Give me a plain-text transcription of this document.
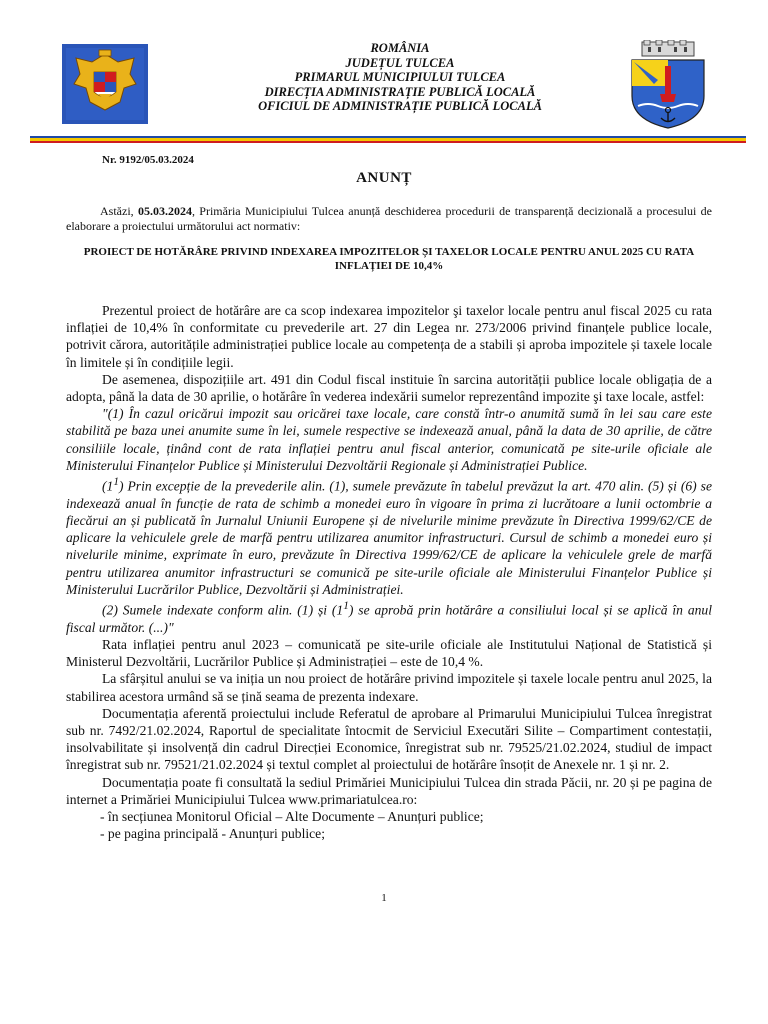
ROMÂNIA
JUDEȚUL TULCEA
PRIMARUL MUNICIPIULUI TULCEA
DIRECȚIA ADMINISTRAȚIE PUBLICĂ LOCALĂ
OFICIUL DE ADMINISTRAȚIE PUBLICĂ LOCALĂ
Nr. 9192/05.03.2024
ANUNȚ
Astăzi, 05.03.2024, Primăria Municipiului Tulcea anunță deschiderea procedurii de transparență decizională a procesului de elaborare a proiectului următorului act normativ:
PROIECT DE HOTĂRÂRE PRIVIND INDEXAREA IMPOZITELOR ȘI TAXELOR LOCALE PENTRU ANUL 2025 CU RATA INFLAȚIEI DE 10,4%

Prezentul proiect de hotărâre are ca scop indexarea impozitelor şi taxelor locale pentru anul fiscal 2025 cu rata inflației de 10,4% în conformitate cu prevederile art. 27 din Legea nr. 273/2006 privind finanțele publice locale, potrivit cărora, autoritățile administrației publice locale au competența de a stabili și aproba impozitele și taxele locale în limitele și în condițiile legii.

De asemenea, dispozițiile art. 491 din Codul fiscal instituie în sarcina autorității publice locale obligația de a adopta, până la data de 30 aprilie, o hotărâre în vederea indexării sumelor reprezentând impozite şi taxe locale, astfel:

"(1) În cazul oricărui impozit sau oricărei taxe locale, care constă într-o anumită sumă în lei sau care este stabilită pe baza unei anumite sume în lei, sumele respective se indexează anual, până la data de 30 aprilie, de către consiliile locale, ținând cont de rata inflației pentru anul fiscal anterior, comunicată pe site-urile oficiale ale Ministerului Finanțelor Publice și Ministerului Dezvoltării Regionale și Administrației Publice.

$(1^1)$ Prin excepție de la prevederile alin. (1), sumele prevăzute în tabelul prevăzut la art. 470 alin. (5) și (6) se indexează anual în funcție de rata de schimb a monedei euro în vigoare în prima zi lucrătoare a lunii octombrie a fiecărui an și publicată în Jurnalul Uniunii Europene și de nivelurile minime prevăzute în Directiva 1999/62/CE de aplicare la vehiculele grele de marfă pentru utilizarea anumitor infrastructuri. Cursul de schimb a monedei euro și nivelurile minime, exprimate în euro, prevăzute în Directiva 1999/62/CE de aplicare la vehiculele grele de marfă pentru utilizarea anumitor infrastructuri se comunică pe site-urile oficiale ale Ministerului Finanțelor Publice și Ministerului Lucrărilor Publice, Dezvoltării și Administrației.

(2) Sumele indexate conform alin. (1) și $(1^1)$ se aprobă prin hotărâre a consiliului local și se aplică în anul fiscal următor. (...)"

Rata inflației pentru anul 2023 – comunicată pe site-urile oficiale ale Institutului Național de Statistică și Ministerul Dezvoltării, Lucrărilor Publice și Administrației – este de 10,4 %.

La sfârșitul anului se va iniția un nou proiect de hotărâre privind impozitele și taxele locale pentru anul 2025, la stabilirea acestora urmând să se țină seama de prezenta indexare.

Documentația aferentă proiectului include Referatul de aprobare al Primarului Municipiului Tulcea înregistrat sub nr. 7492/21.02.2024, Raportul de specialitate întocmit de Serviciul Executări Silite – Compartiment contestații, insolvabilitate și insolvență din cadrul Direcției Economice, înregistrat sub nr. 79525/21.02.2024, studiul de impact înregistrat sub nr. 79521/21.02.2024 și textul complet al proiectului de hotărâre însoțit de Anexele nr. 1 și nr. 2.

Documentația poate fi consultată la sediul Primăriei Municipiului Tulcea din strada Păcii, nr. 20 și pe pagina de internet a Primăriei Municipiului Tulcea www.primariatulcea.ro:

- în secțiunea Monitorul Oficial – Alte Documente – Anunțuri publice;

- pe pagina principală - Anunțuri publice;

1
